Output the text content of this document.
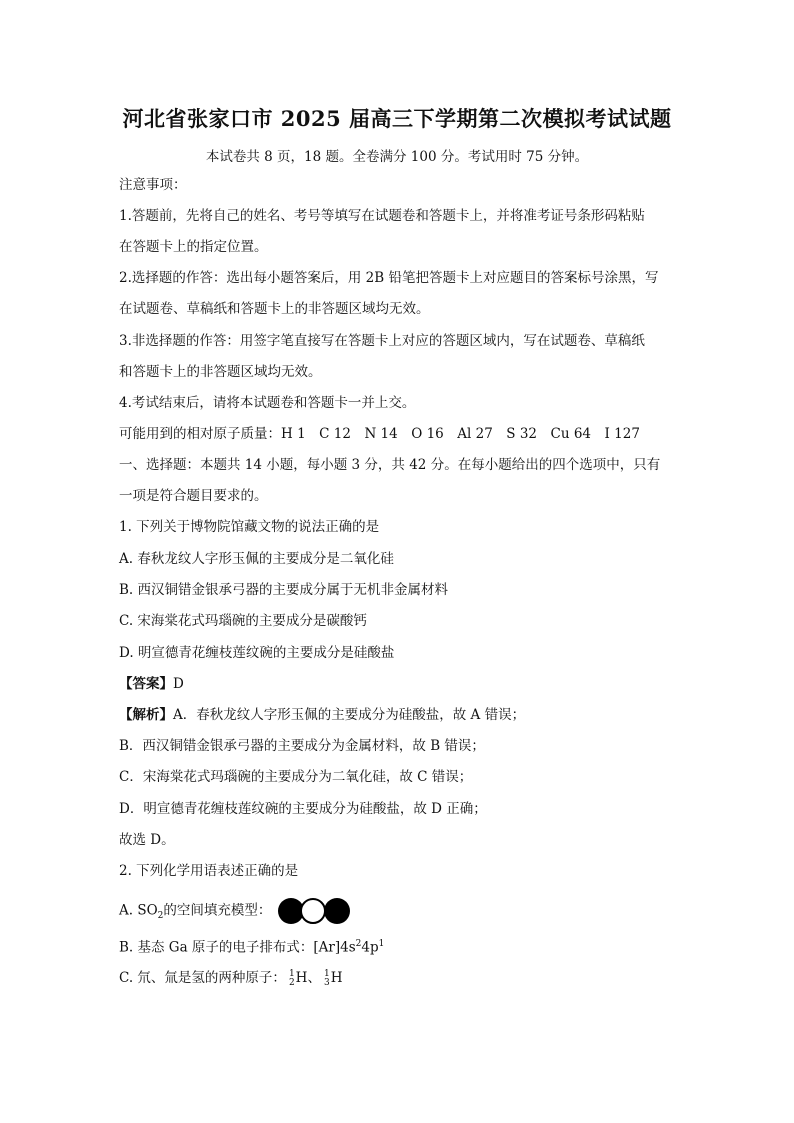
河北省张家口市 2025 届高三下学期第二次模拟考试试题
本试卷共 8 页，18 题。全卷满分 100 分。考试用时 75 分钟。
注意事项：
1.答题前，先将自己的姓名、考号等填写在试题卷和答题卡上，并将准考证号条形码粘贴
在答题卡上的指定位置。
2.选择题的作答：选出每小题答案后，用 2B 铅笔把答题卡上对应题目的答案标号涂黑，写
在试题卷、草稿纸和答题卡上的非答题区域均无效。
3.非选择题的作答：用签字笔直接写在答题卡上对应的答题区域内，写在试题卷、草稿纸
和答题卡上的非答题区域均无效。
4.考试结束后，请将本试题卷和答题卡一并上交。
可能用到的相对原子质量：H 1　C 12　N 14　O 16　Al 27　S 32　Cu 64　I 127
一、选择题：本题共 14 小题，每小题 3 分，共 42 分。在每小题给出的四个选项中，只有
一项是符合题目要求的。
1. 下列关于博物院馆藏文物的说法正确的是
A. 春秋龙纹人字形玉佩的主要成分是二氧化硅
B. 西汉铜错金银承弓器的主要成分属于无机非金属材料
C. 宋海棠花式玛瑙碗的主要成分是碳酸钙
D. 明宣德青花缠枝莲纹碗的主要成分是硅酸盐
【答案】D
【解析】A．春秋龙纹人字形玉佩的主要成分为硅酸盐，故 A 错误；
B．西汉铜错金银承弓器的主要成分为金属材料，故 B 错误；
C．宋海棠花式玛瑙碗的主要成分为二氧化硅，故 C 错误；
D．明宣德青花缠枝莲纹碗的主要成分为硅酸盐，故 D 正确；
故选 D。
2. 下列化学用语表述正确的是
A. $SO_2$的空间填充模型：
B. 基态 Ga 原子的电子排布式：$[Ar]4s^24p^1$
C. 氘、氚是氢的两种原子： 1
2 H、 1
3 H
